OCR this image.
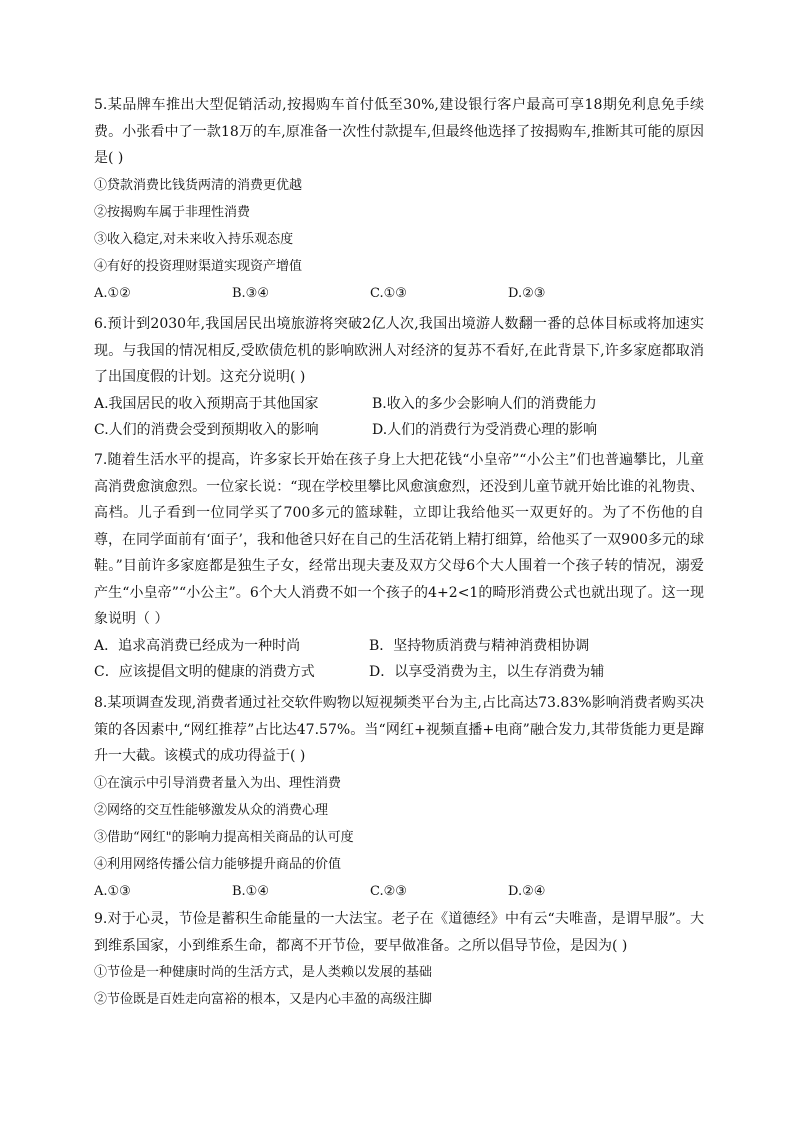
5.某品牌车推出大型促销活动,按揭购车首付低至30%,建设银行客户最高可享18期免利息免手续费。小张看中了一款18万的车,原准备一次性付款提车,但最终他选择了按揭购车,推断其可能的原因是( )

①贷款消费比钱货两清的消费更优越

②按揭购车属于非理性消费

③收入稳定,对未来收入持乐观态度

④有好的投资理财渠道实现资产增值

A.①②	B.③④	C.①③	D.②③

6.预计到2030年,我国居民出境旅游将突破2亿人次,我国出境游人数翻一番的总体目标或将加速实现。与我国的情况相反,受欧债危机的影响欧洲人对经济的复苏不看好,在此背景下,许多家庭都取消了出国度假的计划。这充分说明( )

A.我国居民的收入预期高于其他国家	B.收入的多少会影响人们的消费能力
C.人们的消费会受到预期收入的影响	D.人们的消费行为受消费心理的影响

7.随着生活水平的提高，许多家长开始在孩子身上大把花钱“小皇帝”“小公主”们也普遍攀比，儿童高消费愈演愈烈。一位家长说：“现在学校里攀比风愈演愈烈，还没到儿童节就开始比谁的礼物贵、高档。儿子看到一位同学买了700多元的篮球鞋，立即让我给他买一双更好的。为了不伤他的自尊，在同学面前有‘面子’，我和他爸只好在自己的生活花销上精打细算，给他买了一双900多元的球鞋。”目前许多家庭都是独生子女，经常出现夫妻及双方父母6个大人围着一个孩子转的情况，溺爱产生“小皇帝”“小公主”。6个大人消费不如一个孩子的4+2<1的畸形消费公式也就出现了。这一现象说明（ ）

A．追求高消费已经成为一种时尚	B．坚持物质消费与精神消费相协调
C．应该提倡文明的健康的消费方式	D．以享受消费为主，以生存消费为辅

8.某项调查发现,消费者通过社交软件购物以短视频类平台为主,占比高达73.83%影响消费者购买决策的各因素中,“网红推荐”占比达47.57%。当“网红+视频直播+电商”融合发力,其带货能力更是蹿升一大截。该模式的成功得益于( )

①在演示中引导消费者量入为出、理性消费

②网络的交互性能够激发从众的消费心理

③借助“网红"的影响力提高相关商品的认可度

④利用网络传播公信力能够提升商品的价值

A.①③	B.①④	C.②③	D.②④

9.对于心灵，节俭是蓄积生命能量的一大法宝。老子在《道德经》中有云“夫唯啬，是谓早服”。大到维系国家，小到维系生命，都离不开节俭，要早做准备。之所以倡导节俭，是因为( )

①节俭是一种健康时尚的生活方式，是人类赖以发展的基础

②节俭既是百姓走向富裕的根本，又是内心丰盈的高级注脚
